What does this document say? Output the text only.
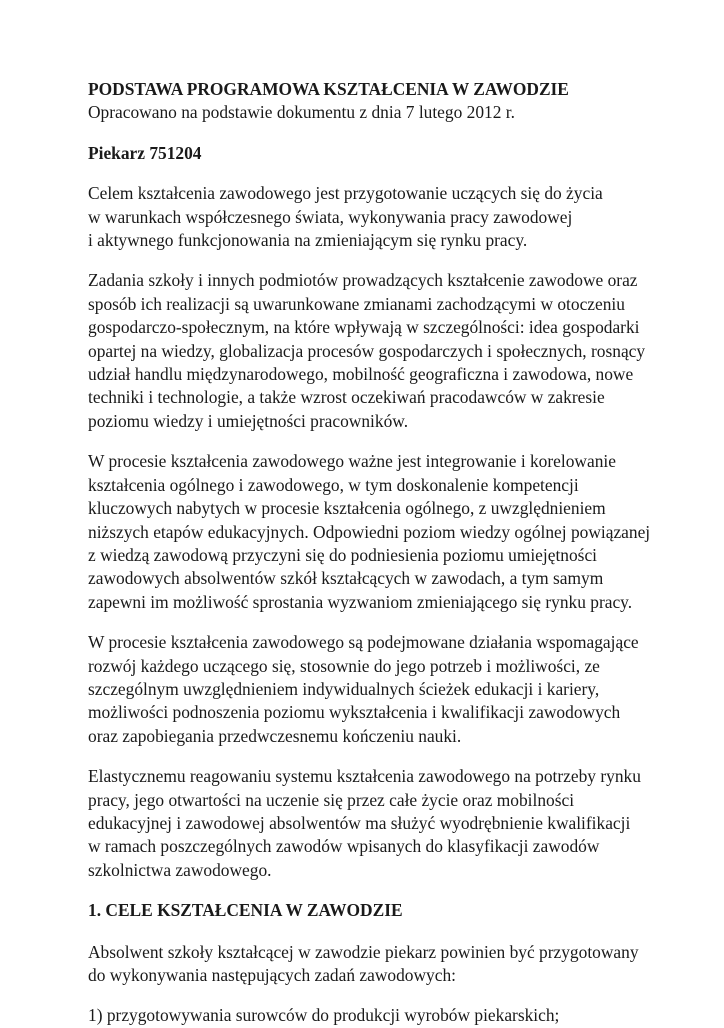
PODSTAWA PROGRAMOWA KSZTAŁCENIA W ZAWODZIE

Opracowano na podstawie dokumentu z dnia 7 lutego 2012 r.

Piekarz 751204

Celem kształcenia zawodowego jest przygotowanie uczących się do życia
w warunkach współczesnego świata, wykonywania pracy zawodowej
i aktywnego funkcjonowania na zmieniającym się rynku pracy.
Zadania szkoły i innych podmiotów prowadzących kształcenie zawodowe oraz
sposób ich realizacji są uwarunkowane zmianami zachodzącymi w otoczeniu
gospodarczo-społecznym, na które wpływają w szczególności: idea gospodarki
opartej na wiedzy, globalizacja procesów gospodarczych i społecznych, rosnący
udział handlu międzynarodowego, mobilność geograficzna i zawodowa, nowe
techniki i technologie, a także wzrost oczekiwań pracodawców w zakresie
poziomu wiedzy i umiejętności pracowników.
W procesie kształcenia zawodowego ważne jest integrowanie i korelowanie
kształcenia ogólnego i zawodowego, w tym doskonalenie kompetencji
kluczowych nabytych w procesie kształcenia ogólnego, z uwzględnieniem
niższych etapów edukacyjnych. Odpowiedni poziom wiedzy ogólnej powiązanej
z wiedzą zawodową przyczyni się do podniesienia poziomu umiejętności
zawodowych absolwentów szkół kształcących w zawodach, a tym samym
zapewni im możliwość sprostania wyzwaniom zmieniającego się rynku pracy.
W procesie kształcenia zawodowego są podejmowane działania wspomagające
rozwój każdego uczącego się, stosownie do jego potrzeb i możliwości, ze
szczególnym uwzględnieniem indywidualnych ścieżek edukacji i kariery,
możliwości podnoszenia poziomu wykształcenia i kwalifikacji zawodowych
oraz zapobiegania przedwczesnemu kończeniu nauki.
Elastycznemu reagowaniu systemu kształcenia zawodowego na potrzeby rynku
pracy, jego otwartości na uczenie się przez całe życie oraz mobilności
edukacyjnej i zawodowej absolwentów ma służyć wyodrębnienie kwalifikacji
w ramach poszczególnych zawodów wpisanych do klasyfikacji zawodów
szkolnictwa zawodowego.

1. CELE KSZTAŁCENIA W ZAWODZIE

Absolwent szkoły kształcącej w zawodzie piekarz powinien być przygotowany
do wykonywania następujących zadań zawodowych:

1) przygotowywania surowców do produkcji wyrobów piekarskich;
